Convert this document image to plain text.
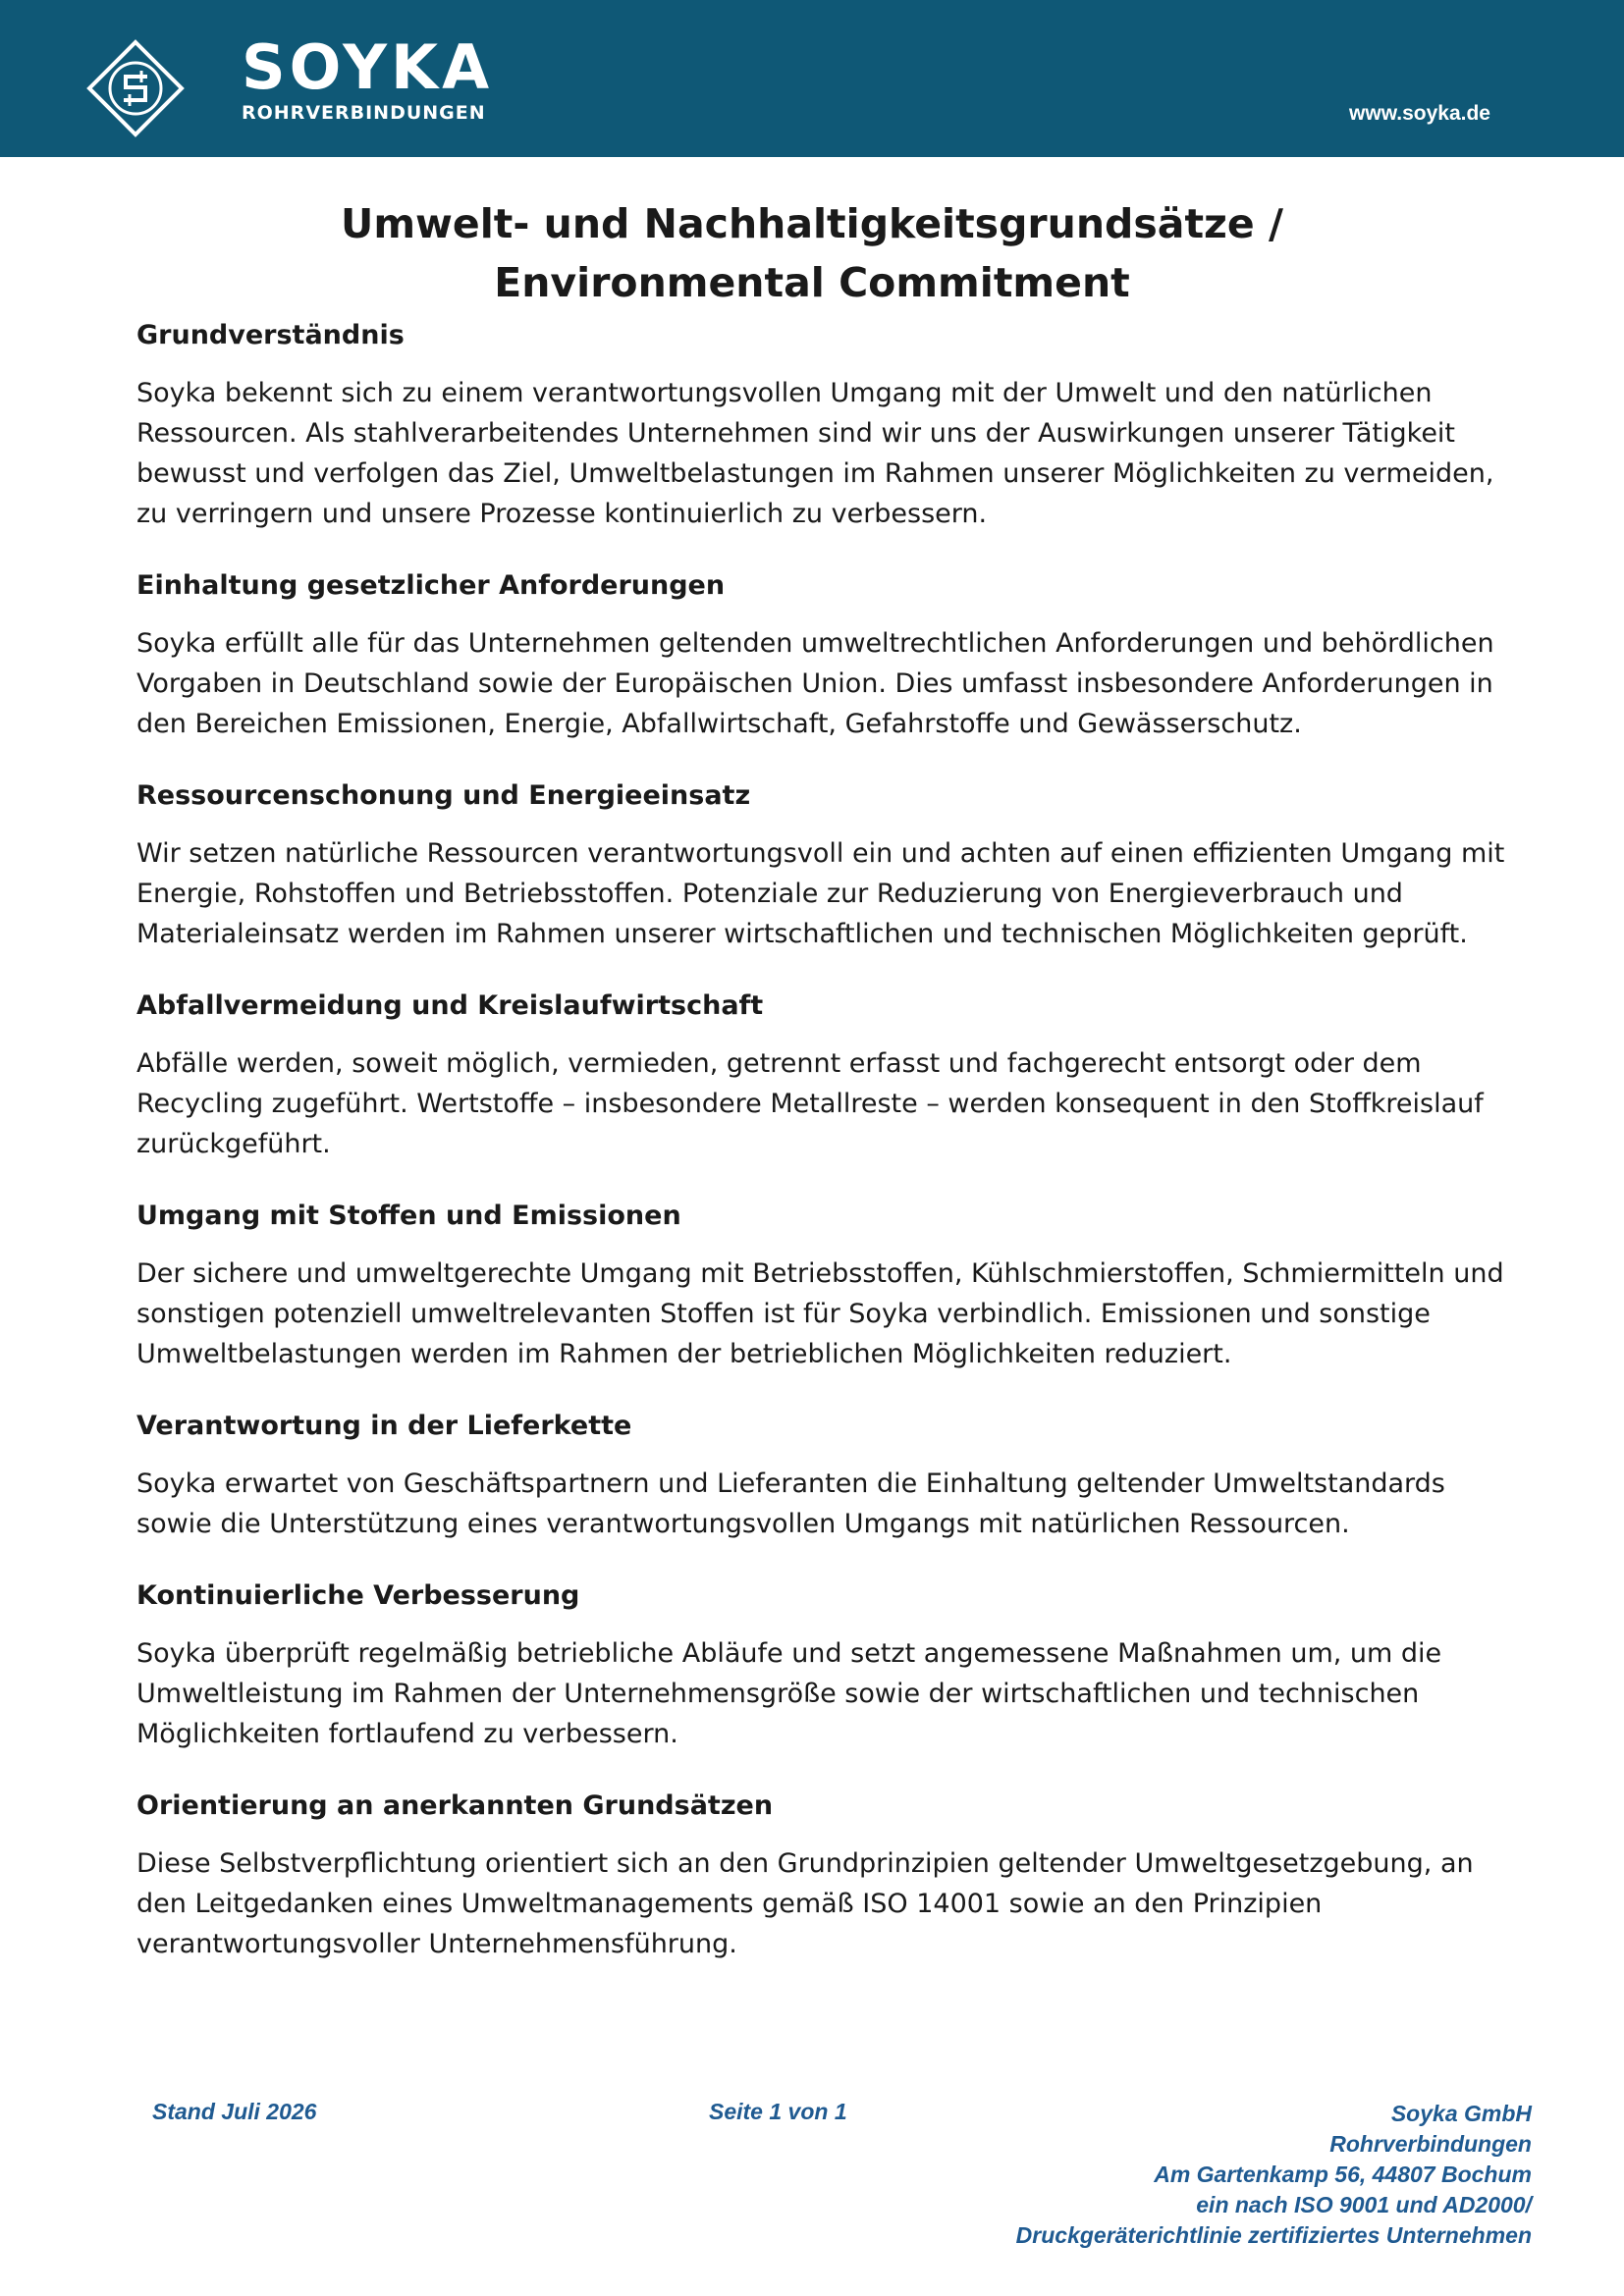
SOYKA
ROHRVERBINDUNGEN	www.soyka.de
Umwelt- und Nachhaltigkeitsgrundsätze /
Environmental Commitment
Grundverständnis
Soyka bekennt sich zu einem verantwortungsvollen Umgang mit der Umwelt und den natürlichen Ressourcen. Als stahlverarbeitendes Unternehmen sind wir uns der Auswirkungen unserer Tätigkeit bewusst und verfolgen das Ziel, Umweltbelastungen im Rahmen unserer Möglichkeiten zu vermeiden, zu verringern und unsere Prozesse kontinuierlich zu verbessern.
Einhaltung gesetzlicher Anforderungen
Soyka erfüllt alle für das Unternehmen geltenden umweltrechtlichen Anforderungen und behördlichen Vorgaben in Deutschland sowie der Europäischen Union. Dies umfasst insbesondere Anforderungen in den Bereichen Emissionen, Energie, Abfallwirtschaft, Gefahrstoffe und Gewässerschutz.
Ressourcenschonung und Energieeinsatz
Wir setzen natürliche Ressourcen verantwortungsvoll ein und achten auf einen effizienten Umgang mit Energie, Rohstoffen und Betriebsstoffen. Potenziale zur Reduzierung von Energieverbrauch und Materialeinsatz werden im Rahmen unserer wirtschaftlichen und technischen Möglichkeiten geprüft.
Abfallvermeidung und Kreislaufwirtschaft
Abfälle werden, soweit möglich, vermieden, getrennt erfasst und fachgerecht entsorgt oder dem Recycling zugeführt. Wertstoffe – insbesondere Metallreste – werden konsequent in den Stoffkreislauf zurückgeführt.
Umgang mit Stoffen und Emissionen
Der sichere und umweltgerechte Umgang mit Betriebsstoffen, Kühlschmierstoffen, Schmiermitteln und sonstigen potenziell umweltrelevanten Stoffen ist für Soyka verbindlich. Emissionen und sonstige Umweltbelastungen werden im Rahmen der betrieblichen Möglichkeiten reduziert.
Verantwortung in der Lieferkette
Soyka erwartet von Geschäftspartnern und Lieferanten die Einhaltung geltender Umweltstandards sowie die Unterstützung eines verantwortungsvollen Umgangs mit natürlichen Ressourcen.
Kontinuierliche Verbesserung
Soyka überprüft regelmäßig betriebliche Abläufe und setzt angemessene Maßnahmen um, um die Umweltleistung im Rahmen der Unternehmensgröße sowie der wirtschaftlichen und technischen Möglichkeiten fortlaufend zu verbessern.
Orientierung an anerkannten Grundsätzen
Diese Selbstverpflichtung orientiert sich an den Grundprinzipien geltender Umweltgesetzgebung, an den Leitgedanken eines Umweltmanagements gemäß ISO 14001 sowie an den Prinzipien verantwortungsvoller Unternehmensführung.
Stand Juli 2026	Seite 1 von 1	Soyka GmbH
Rohrverbindungen
Am Gartenkamp 56, 44807 Bochum
ein nach ISO 9001 und AD2000/
Druckgeräterichtlinie zertifiziertes Unternehmen
